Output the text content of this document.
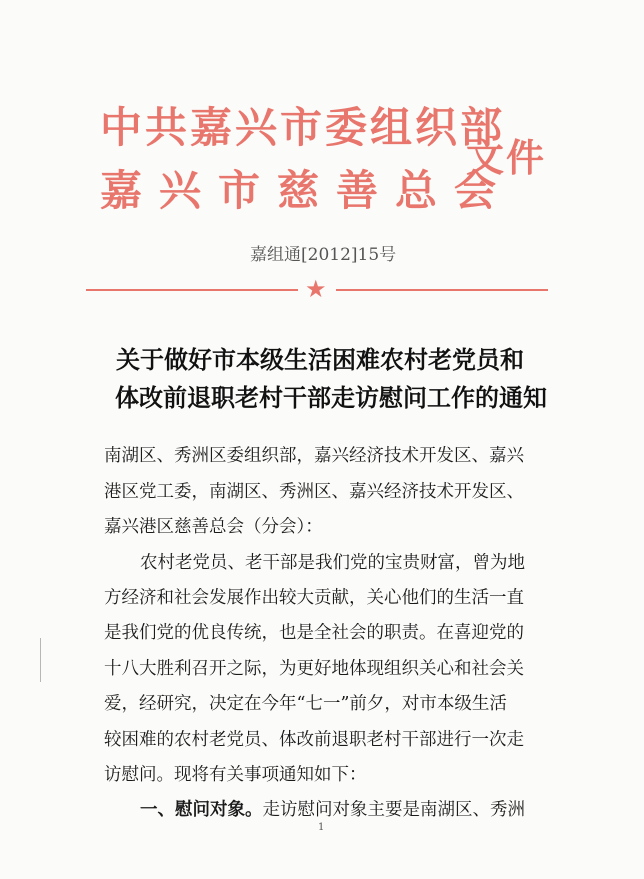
中共嘉兴市委组织部

嘉兴市慈善总会

文件
嘉组通[2012]15号
★

关于做好市本级生活困难农村老党员和

体改前退职老村干部走访慰问工作的通知

南湖区、秀洲区委组织部，嘉兴经济技术开发区、嘉兴

港区党工委，南湖区、秀洲区、嘉兴经济技术开发区、

嘉兴港区慈善总会（分会）：

农村老党员、老干部是我们党的宝贵财富，曾为地

方经济和社会发展作出较大贡献，关心他们的生活一直

是我们党的优良传统，也是全社会的职责。在喜迎党的

十八大胜利召开之际，为更好地体现组织关心和社会关

爱，经研究，决定在今年“七一”前夕，对市本级生活

较困难的农村老党员、体改前退职老村干部进行一次走

访慰问。现将有关事项通知如下：

一、慰问对象。走访慰问对象主要是南湖区、秀洲

1
